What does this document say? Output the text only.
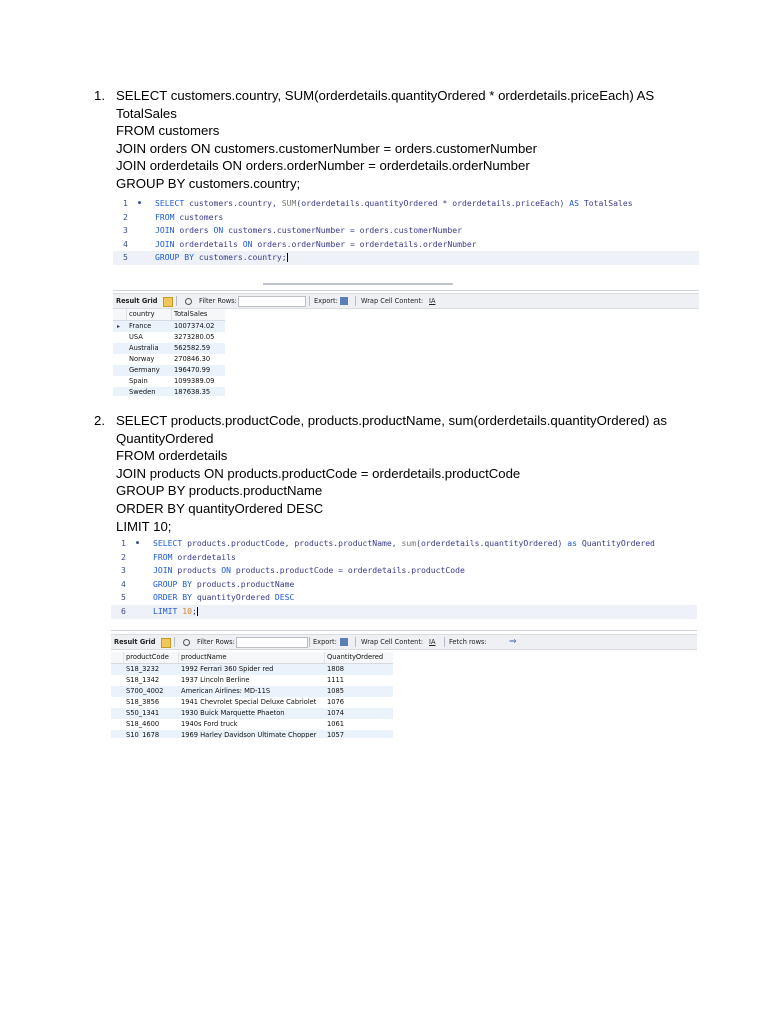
1. SELECT customers.country, SUM(orderdetails.quantityOrdered * orderdetails.priceEach) AS
TotalSales
FROM customers
JOIN orders ON customers.customerNumber = orders.customerNumber
JOIN orderdetails ON orders.orderNumber = orderdetails.orderNumber
GROUP BY customers.country;
1	● SELECT customers.country, SUM(orderdetails.quantityOrdered * orderdetails.priceEach) AS TotalSales
2	FROM customers
3	JOIN orders ON customers.customerNumber = orders.customerNumber
4	JOIN orderdetails ON orders.orderNumber = orderdetails.orderNumber
5	GROUP BY customers.country;
Result Grid	Filter Rows:	Export:	Wrap Cell Content: IA
country	TotalSales
▸ France	1007374.02
USA	3273280.05
Australia	562582.59
Norway	270846.30
Germany	196470.99
Spain	1099389.09
Sweden	187638.35
2. SELECT products.productCode, products.productName, sum(orderdetails.quantityOrdered) as
QuantityOrdered
FROM orderdetails
JOIN products ON products.productCode = orderdetails.productCode
GROUP BY products.productName
ORDER BY quantityOrdered DESC
LIMIT 10;
1	● SELECT products.productCode, products.productName, sum(orderdetails.quantityOrdered) as QuantityOrdered
2	FROM orderdetails
3	JOIN products ON products.productCode = orderdetails.productCode
4	GROUP BY products.productName
5	ORDER BY quantityOrdered DESC
6	LIMIT 10;
Result Grid	Filter Rows:	Export:	Wrap Cell Content: IA Fetch rows: ⇒
productCode	productName	QuantityOrdered
S18_3232	1992 Ferrari 360 Spider red	1808
S18_1342	1937 Lincoln Berline	1111
S700_4002	American Airlines: MD-11S	1085
S18_3856	1941 Chevrolet Special Deluxe Cabriolet	1076
S50_1341	1930 Buick Marquette Phaeton	1074
S18_4600	1940s Ford truck	1061
S10_1678	1969 Harley Davidson Ultimate Chopper	1057
